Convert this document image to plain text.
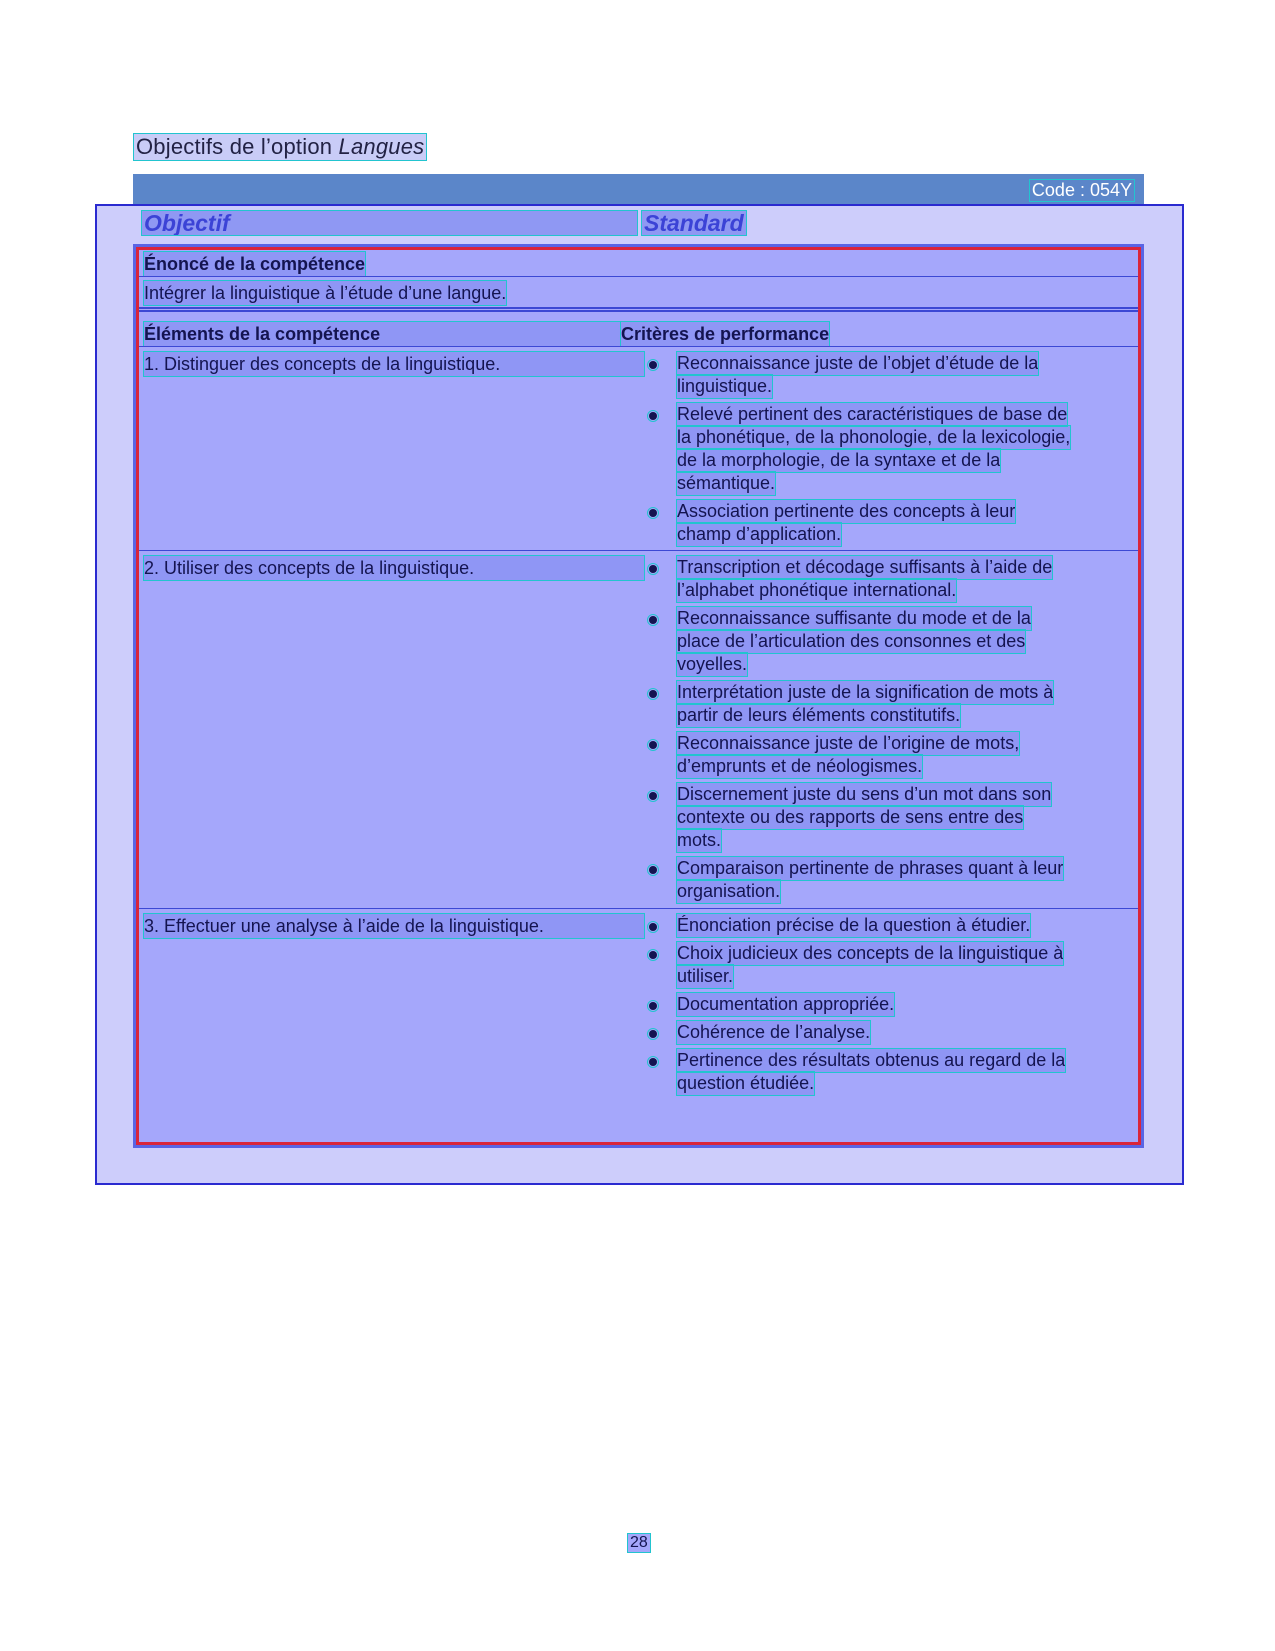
Objectifs de l’option Langues
Code : 054Y
Objectif	Standard
Énoncé de la compétence
Intégrer la linguistique à l’étude d’une langue.
Éléments de la compétence	Critères de performance
1. Distinguer des concepts de la linguistique.	Reconnaissance juste de l’objet d’étude de la
linguistique.
Relevé pertinent des caractéristiques de base de
la phonétique, de la phonologie, de la lexicologie,
de la morphologie, de la syntaxe et de la
sémantique.
Association pertinente des concepts à leur
champ d’application.
2. Utiliser des concepts de la linguistique.	Transcription et décodage suffisants à l’aide de
l’alphabet phonétique international.
Reconnaissance suffisante du mode et de la
place de l’articulation des consonnes et des
voyelles.
Interprétation juste de la signification de mots à
partir de leurs éléments constitutifs.
Reconnaissance juste de l’origine de mots,
d’emprunts et de néologismes.
Discernement juste du sens d’un mot dans son
contexte ou des rapports de sens entre des
mots.
Comparaison pertinente de phrases quant à leur
organisation.
3. Effectuer une analyse à l’aide de la linguistique.	Énonciation précise de la question à étudier.
Choix judicieux des concepts de la linguistique à
utiliser.
Documentation appropriée.
Cohérence de l’analyse.
Pertinence des résultats obtenus au regard de la
question étudiée.
28
